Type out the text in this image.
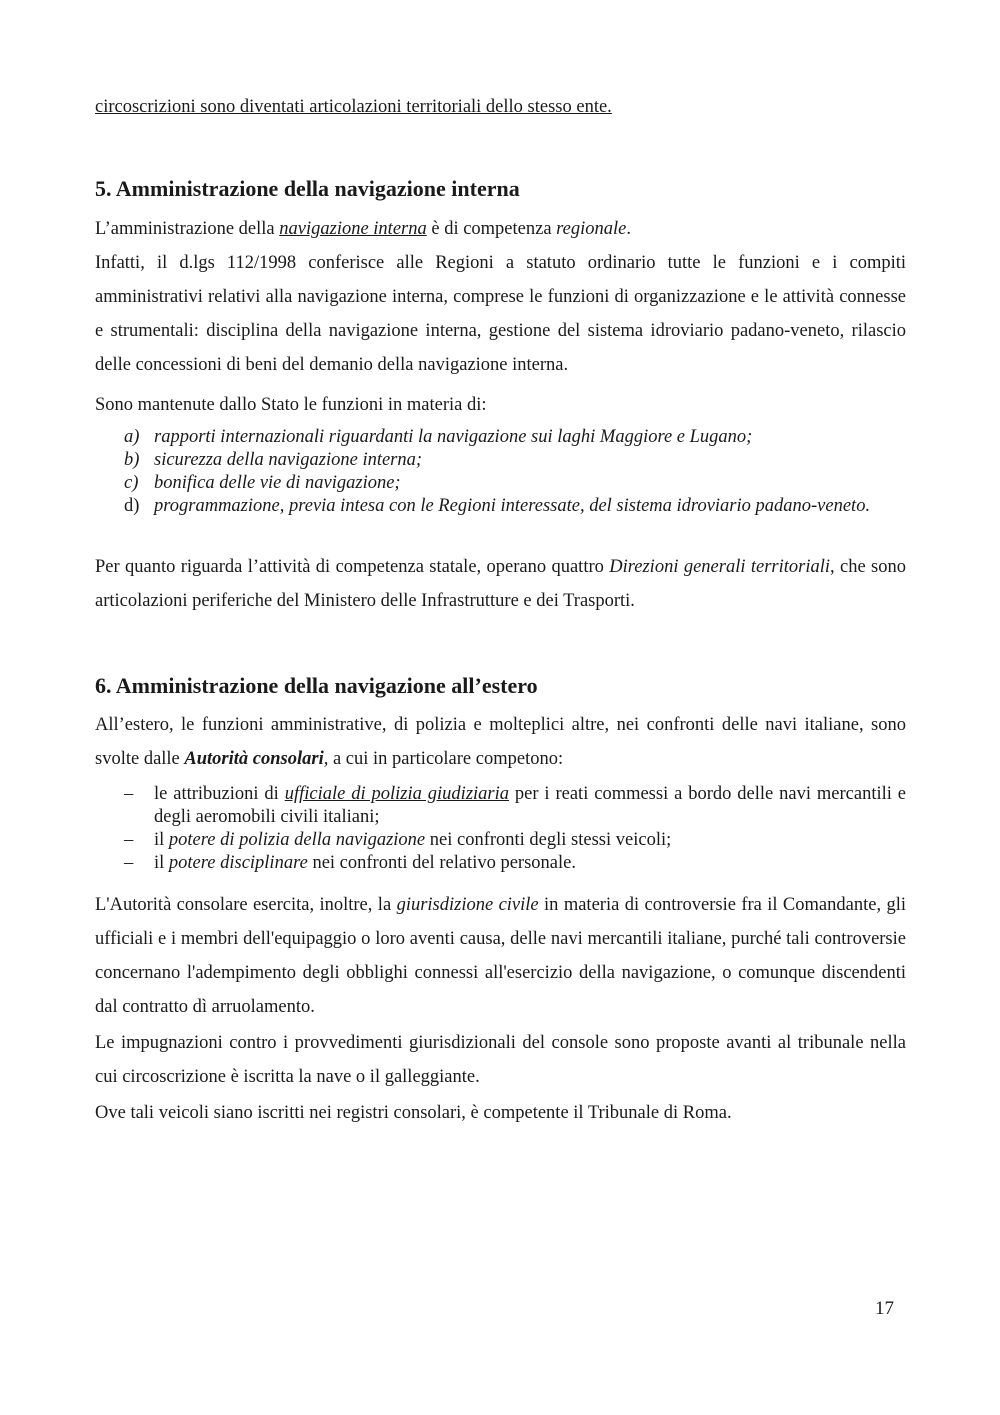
circoscrizioni sono diventati articolazioni territoriali dello stesso ente.

5. Amministrazione della navigazione interna

L’amministrazione della navigazione interna è di competenza regionale.

Infatti, il d.lgs 112/1998 conferisce alle Regioni a statuto ordinario tutte le funzioni e i compiti amministrativi relativi alla navigazione interna, comprese le funzioni di organizzazione e le attività connesse e strumentali: disciplina della navigazione interna, gestione del sistema idroviario padano-veneto, rilascio delle concessioni di beni del demanio della navigazione interna.

Sono mantenute dallo Stato le funzioni in materia di:

a) rapporti internazionali riguardanti la navigazione sui laghi Maggiore e Lugano;
b) sicurezza della navigazione interna;
c) bonifica delle vie di navigazione;
d) programmazione, previa intesa con le Regioni interessate, del sistema idroviario padano-veneto.

Per quanto riguarda l’attività di competenza statale, operano quattro Direzioni generali territoriali, che sono articolazioni periferiche del Ministero delle Infrastrutture e dei Trasporti.

6. Amministrazione della navigazione all’estero

All’estero, le funzioni amministrative, di polizia e molteplici altre, nei confronti delle navi italiane, sono svolte dalle Autorità consolari, a cui in particolare competono:

– le attribuzioni di ufficiale di polizia giudiziaria per i reati commessi a bordo delle navi mercantili e degli aeromobili civili italiani;
– il potere di polizia della navigazione nei confronti degli stessi veicoli;
– il potere disciplinare nei confronti del relativo personale.

L'Autorità consolare esercita, inoltre, la giurisdizione civile in materia di controversie fra il Comandante, gli ufficiali e i membri dell'equipaggio o loro aventi causa, delle navi mercantili italiane, purché tali controversie concernano l'adempimento degli obblighi connessi all'esercizio della navigazione, o comunque discendenti dal contratto dì arruolamento.

Le impugnazioni contro i provvedimenti giurisdizionali del console sono proposte avanti al tribunale nella cui circoscrizione è iscritta la nave o il galleggiante.

Ove tali veicoli siano iscritti nei registri consolari, è competente il Tribunale di Roma.

17
